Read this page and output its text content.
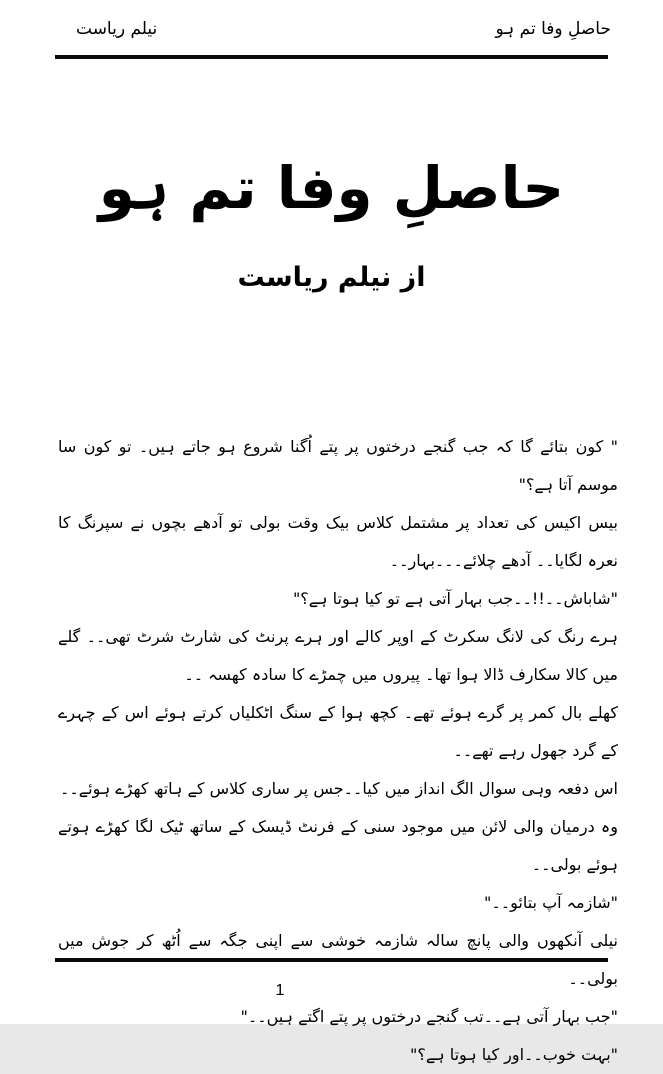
نیلم ریاست	حاصلِ وفا تم ہو
حاصلِ وفا تم ہو
از نیلم ریاست

" کون بتائے گا کہ جب گنجے درختوں پر پتے اُگنا شروع ہو جاتے ہیں۔ تو کون سا موسم آتا ہے؟"

بیس اکیس کی تعداد پر مشتمل کلاس بیک وقت بولی تو آدھے بچوں نے سپرنگ کا نعرہ لگایا۔۔ آدھے چلائے۔۔۔بہار۔۔

"شاباش۔۔!!۔۔جب بہار آتی ہے تو کیا ہوتا ہے؟"

ہرے رنگ کی لانگ سکرٹ کے اوپر کالے اور ہرے پرنٹ کی شارٹ شرٹ تھی۔۔ گلے میں کالا سکارف ڈالا ہوا تھا۔ پیروں میں چمڑے کا سادہ کھسہ ۔۔

کھلے بال کمر پر گرے ہوئے تھے۔ کچھ ہوا کے سنگ اٹکلیاں کرتے ہوئے اس کے چہرے کے گرد جھول رہے تھے۔۔

اس دفعہ وہی سوال الگ انداز میں کیا۔۔جس پر ساری کلاس کے ہاتھ کھڑے ہوئے۔۔

وہ درمیان والی لائن میں موجود سنی کے فرنٹ ڈیسک کے ساتھ ٹیک لگا کھڑے ہوتے ہوئے بولی۔۔

"شازمہ آپ بتائو۔۔"

نیلی آنکھوں والی پانچ سالہ شازمہ خوشی سے اپنی جگہ سے اُٹھ کر جوش میں بولی۔۔

"جب بہار آتی ہے۔۔تب گنجے درختوں پر پتے اگتے ہیں۔۔"

"بہت خوب۔۔اور کیا ہوتا ہے؟"

1
